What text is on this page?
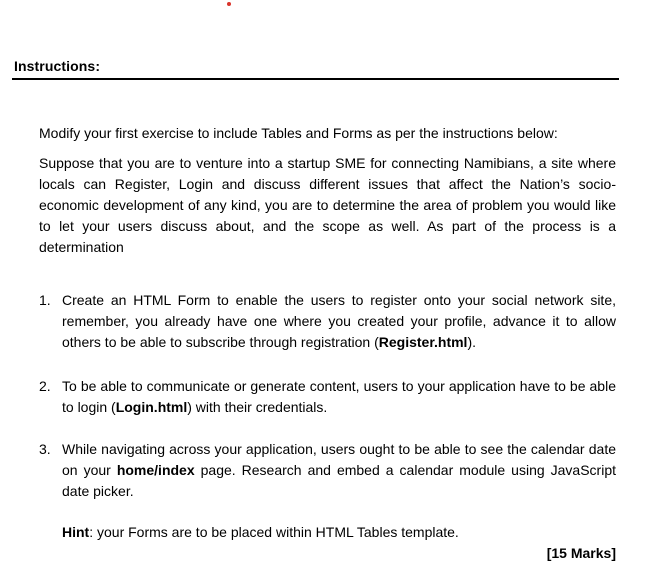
Instructions:

Modify your first exercise to include Tables and Forms as per the instructions below:

Suppose that you are to venture into a startup SME for connecting Namibians, a site where locals can Register, Login and discuss different issues that affect the Nation’s socio-economic development of any kind, you are to determine the area of problem you would like to let your users discuss about, and the scope as well. As part of the process is a determination

1. Create an HTML Form to enable the users to register onto your social network site, remember, you already have one where you created your profile, advance it to allow others to be able to subscribe through registration (Register.html).
2. To be able to communicate or generate content, users to your application have to be able to login (Login.html) with their credentials.
3. While navigating across your application, users ought to be able to see the calendar date on your home/index page. Research and embed a calendar module using JavaScript date picker.
Hint: your Forms are to be placed within HTML Tables template.
[15 Marks]
